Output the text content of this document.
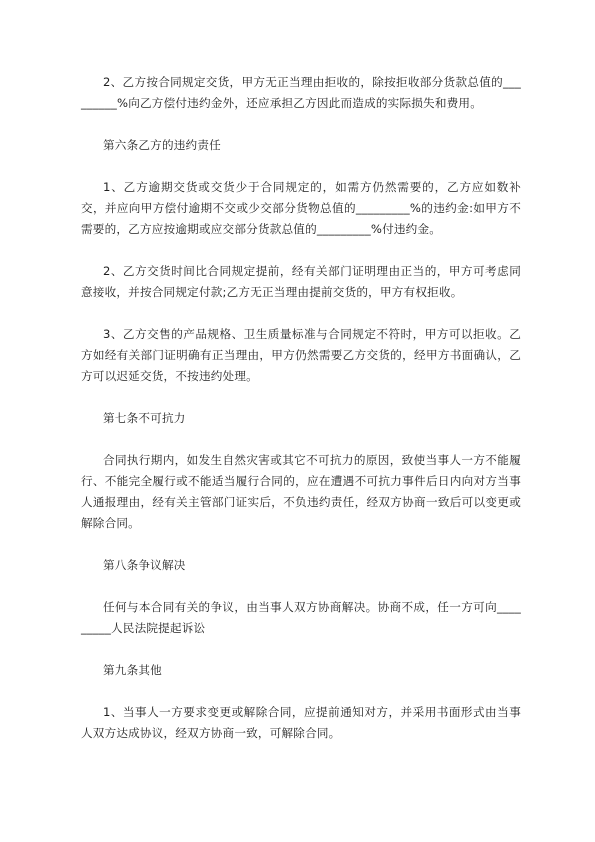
2、乙方按合同规定交货，甲方无正当理由拒收的，除按拒收部分货款总值的_________%向乙方偿付违约金外，还应承担乙方因此而造成的实际损失和费用。

第六条乙方的违约责任

1、乙方逾期交货或交货少于合同规定的，如需方仍然需要的，乙方应如数补交，并应向甲方偿付逾期不交或少交部分货物总值的_________%的违约金:如甲方不需要的，乙方应按逾期或应交部分货款总值的_________%付违约金。

2、乙方交货时间比合同规定提前，经有关部门证明理由正当的，甲方可考虑同意接收，并按合同规定付款;乙方无正当理由提前交货的，甲方有权拒收。

3、乙方交售的产品规格、卫生质量标准与合同规定不符时，甲方可以拒收。乙方如经有关部门证明确有正当理由，甲方仍然需要乙方交货的，经甲方书面确认，乙方可以迟延交货，不按违约处理。

第七条不可抗力

合同执行期内，如发生自然灾害或其它不可抗力的原因，致使当事人一方不能履行、不能完全履行或不能适当履行合同的，应在遭遇不可抗力事件后日内向对方当事人通报理由，经有关主管部门证实后，不负违约责任，经双方协商一致后可以变更或解除合同。

第八条争议解决

任何与本合同有关的争议，由当事人双方协商解决。协商不成，任一方可向_________人民法院提起诉讼

第九条其他

1、当事人一方要求变更或解除合同，应提前通知对方，并采用书面形式由当事人双方达成协议，经双方协商一致，可解除合同。
